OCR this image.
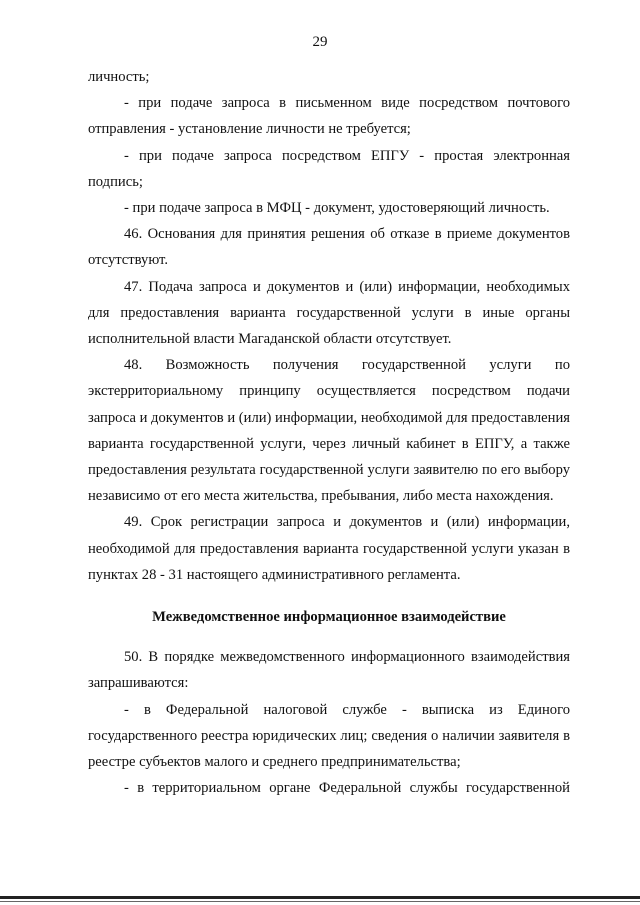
29

личность;

- при подаче запроса в письменном виде посредством почтового отправления - установление личности не требуется;

- при подаче запроса посредством ЕПГУ - простая электронная подпись;

- при подаче запроса в МФЦ - документ, удостоверяющий личность.

46. Основания для принятия решения об отказе в приеме документов отсутствуют.

47. Подача запроса и документов и (или) информации, необходимых для предоставления варианта государственной услуги в иные органы исполнительной власти Магаданской области отсутствует.

48. Возможность получения государственной услуги по экстерриториальному принципу осуществляется посредством подачи запроса и документов и (или) информации, необходимой для предоставления варианта государственной услуги, через личный кабинет в ЕПГУ, а также предоставления результата государственной услуги заявителю по его выбору независимо от его места жительства, пребывания, либо места нахождения.

49. Срок регистрации запроса и документов и (или) информации, необходимой для предоставления варианта государственной услуги указан в пунктах 28 - 31 настоящего административного регламента.

Межведомственное информационное взаимодействие

50. В порядке межведомственного информационного взаимодействия запрашиваются:

- в Федеральной налоговой службе - выписка из Единого государственного реестра юридических лиц; сведения о наличии заявителя в реестре субъектов малого и среднего предпринимательства;

- в территориальном органе Федеральной службы государственной
